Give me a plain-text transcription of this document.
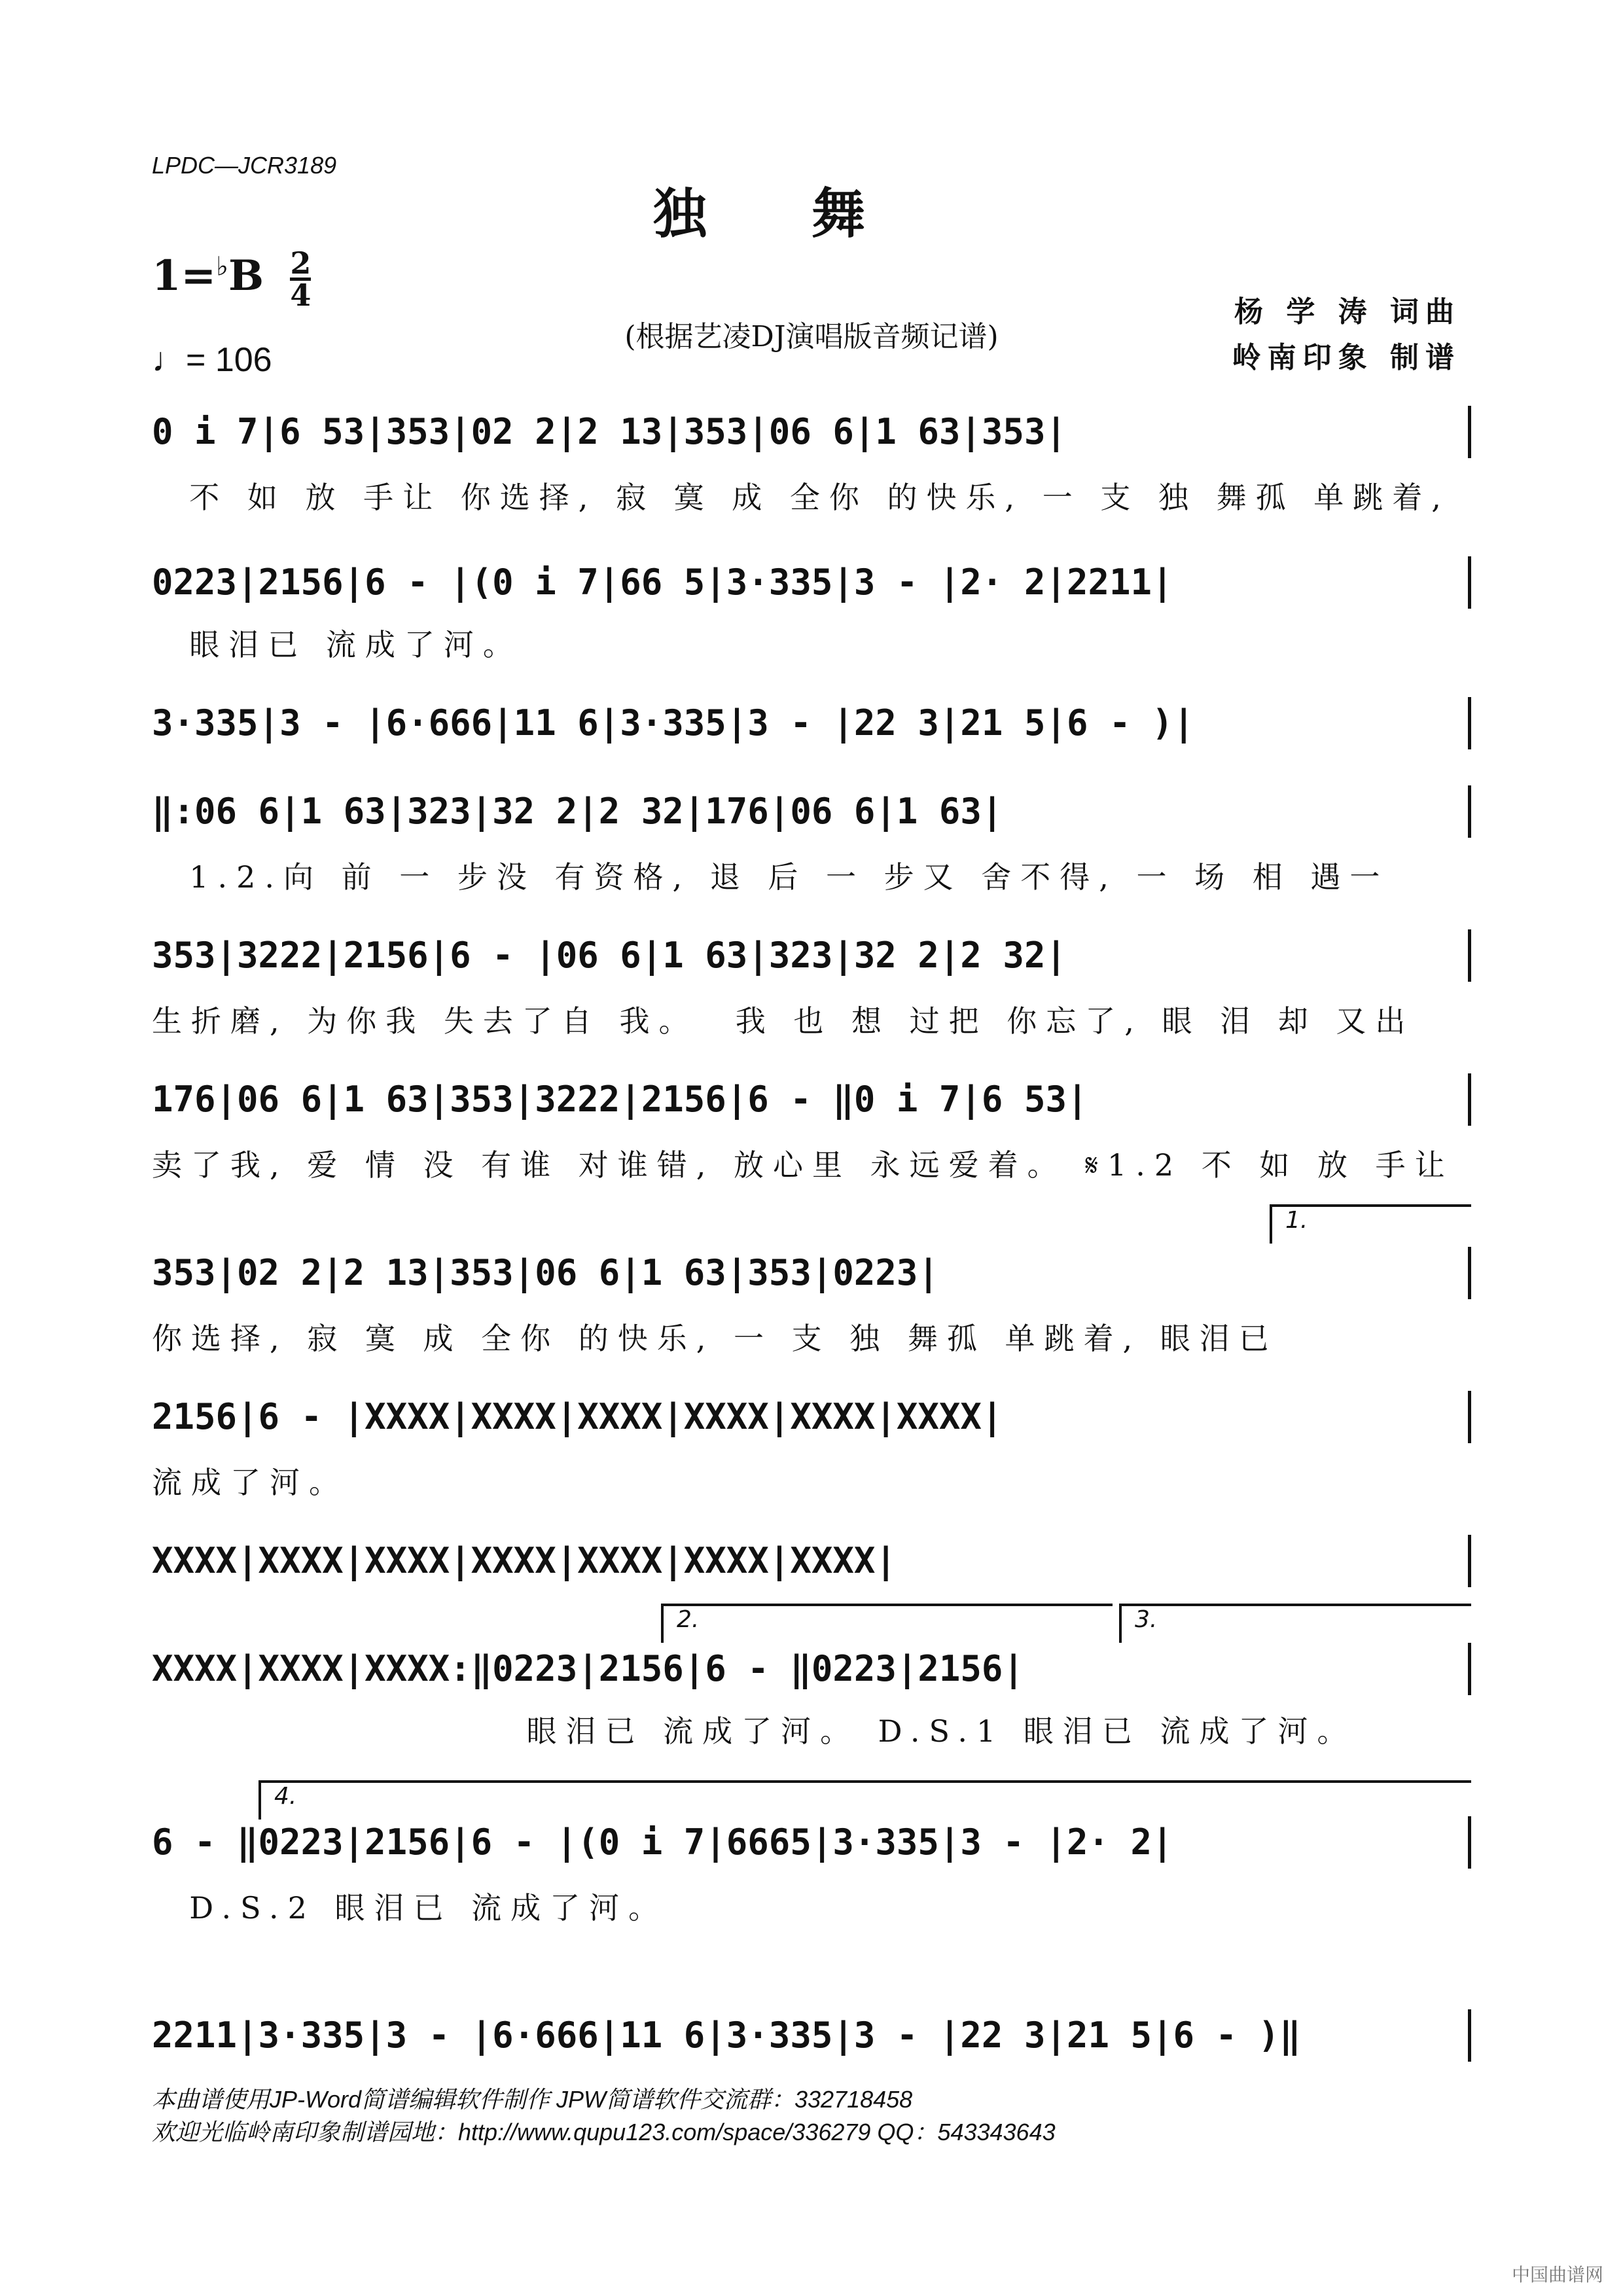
LPDC—JCR3189
独舞
$1=^♭B \frac{2}{4}$
♩= 106
(根据艺凌DJ演唱版音频记谱)
杨 学 涛 词曲
岭南印象 制谱
0 i 7|6 53|353|02 2|2 13|353|06 6|1 63|353|
不 如 放 手让 你选择, 寂 寞 成 全你 的快乐, 一 支 独 舞孤 单跳着,
0223|2156|6 - |(0 i 7|66 5|3·335|3 - |2· 2|2211|
眼泪已 流成了河。
3·335|3 - |6·666|11 6|3·335|3 - |22 3|21 5|6 - )|
‖:06 6|1 63|323|32 2|2 32|176|06 6|1 63|
1.2.向 前 一 步没 有资格, 退 后 一 步又 舍不得, 一 场 相 遇一
353|3222|2156|6 - |06 6|1 63|323|32 2|2 32|
生折磨, 为你我 失去了自 我。  我 也 想 过把 你忘了, 眼 泪 却 又出
176|06 6|1 63|353|3222|2156|6 - ‖0 i 7|6 53|
卖了我, 爱 情 没 有谁 对谁错, 放心里 永远爱着。 𝄋1.2 不 如 放 手让
1.
353|02 2|2 13|353|06 6|1 63|353|0223|
你选择, 寂 寞 成 全你 的快乐, 一 支 独 舞孤 单跳着, 眼泪已
2156|6 - |XXXX|XXXX|XXXX|XXXX|XXXX|XXXX|
流成了河。
XXXX|XXXX|XXXX|XXXX|XXXX|XXXX|XXXX|
2.	3.
XXXX|XXXX|XXXX:‖0223|2156|6 - ‖0223|2156|
眼泪已 流成了河。 D.S.1 眼泪已 流成了河。
4.
6 - ‖0223|2156|6 - |(0 i 7|6665|3·335|3 - |2· 2|
D.S.2 眼泪已 流成了河。
2211|3·335|3 - |6·666|11 6|3·335|3 - |22 3|21 5|6 - )‖
本曲谱使用JP-Word简谱编辑软件制作 JPW简谱软件交流群：332718458
欢迎光临岭南印象制谱园地：http://www.qupu123.com/space/336279 QQ：543343643
中国曲谱网
